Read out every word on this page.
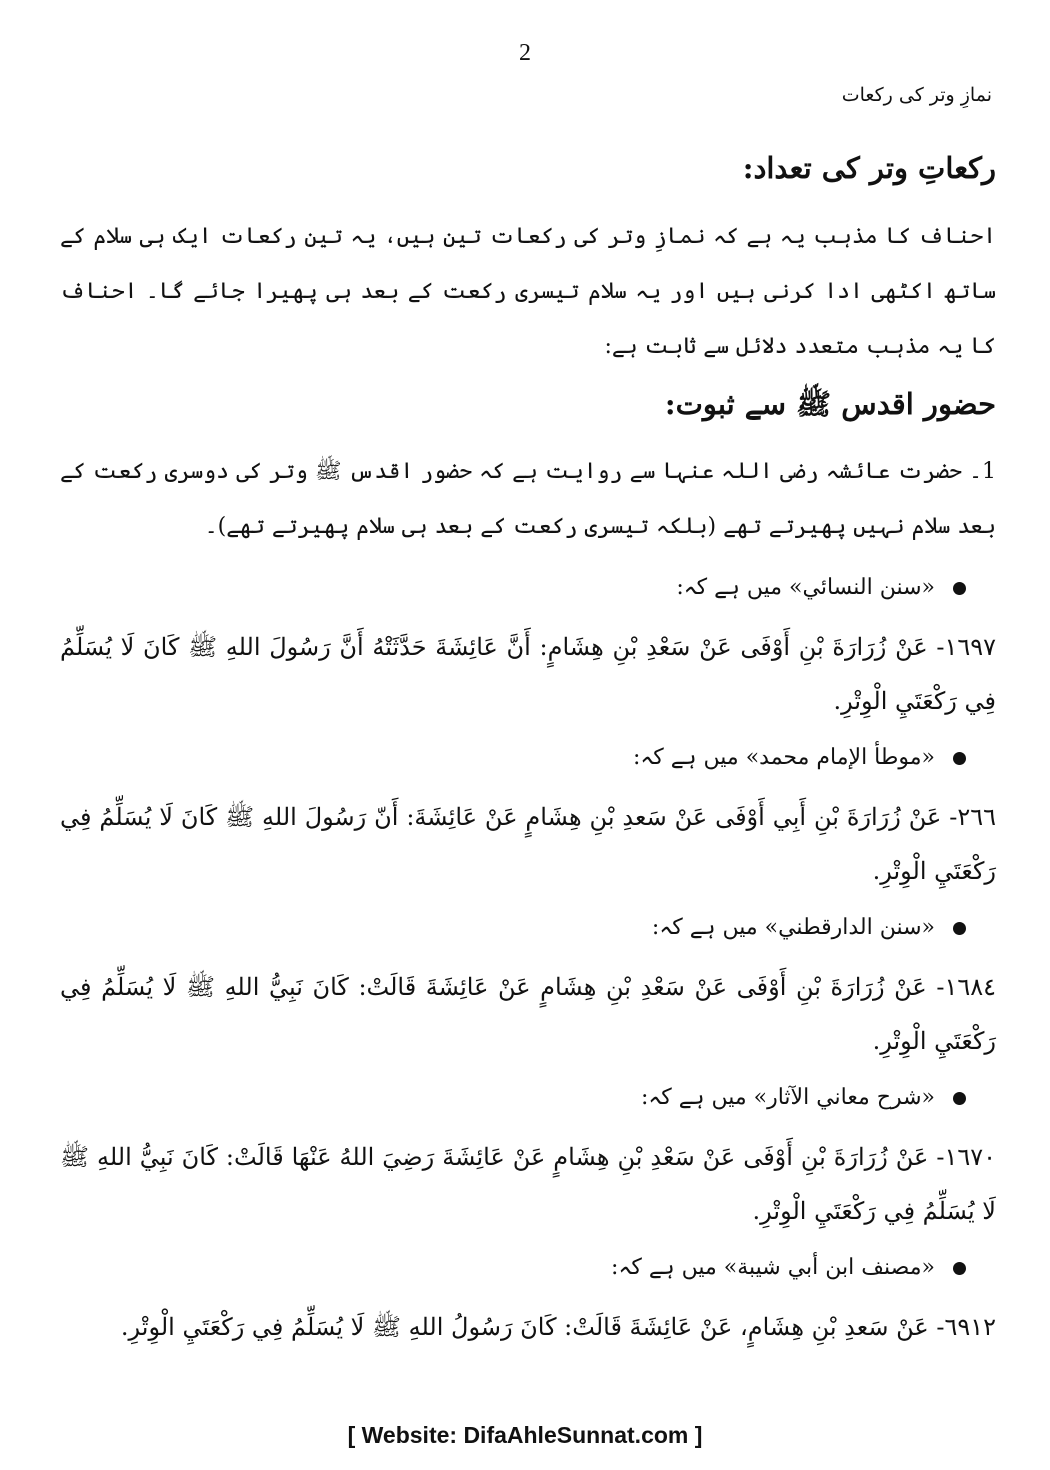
2
نمازِ وتر کی رکعات
رکعاتِ وتر کی تعداد:

احناف کا مذہب یہ ہے کہ نمازِ وتر کی رکعات تین ہیں، یہ تین رکعات ایک ہی سلام کے ساتھ اکٹھی ادا کرنی ہیں اور یہ سلام تیسری رکعت کے بعد ہی پھیرا جائے گا۔ احناف کا یہ مذہب متعدد دلائل سے ثابت ہے:

حضور اقدس ﷺ سے ثبوت:

1۔ حضرت عائشہ رضی اللہ عنہا سے روایت ہے کہ حضور اقدس ﷺ وتر کی دوسری رکعت کے بعد سلام نہیں پھیرتے تھے (بلکہ تیسری رکعت کے بعد ہی سلام پھیرتے تھے)۔

«سنن النسائي» میں ہے کہ:

١٦٩٧- عَنْ زُرَارَةَ بْنِ أَوْفَى عَنْ سَعْدِ بْنِ هِشَامٍ: أَنَّ عَائِشَةَ حَدَّثَتْهُ أَنَّ رَسُولَ اللهِ ﷺ كَانَ لَا يُسَلِّمُ فِي رَكْعَتَيِ الْوِتْرِ.

«موطأ الإمام محمد» میں ہے کہ:

٢٦٦- عَنْ زُرَارَةَ بْنِ أَبِي أَوْفَى عَنْ سَعدِ بْنِ هِشَامٍ عَنْ عَائِشَةَ: أَنّ رَسُولَ اللهِ ﷺ كَانَ لَا يُسَلِّمُ فِي رَكْعَتَيِ الْوِتْرِ.

«سنن الدارقطني» میں ہے کہ:

١٦٨٤- عَنْ زُرَارَةَ بْنِ أَوْفَى عَنْ سَعْدِ بْنِ هِشَامٍ عَنْ عَائِشَةَ قَالَتْ: كَانَ نَبِيُّ اللهِ ﷺ لَا يُسَلِّمُ فِي رَكْعَتَيِ الْوِتْرِ.

«شرح معاني الآثار» میں ہے کہ:

١٦٧٠- عَنْ زُرَارَةَ بْنِ أَوْفَى عَنْ سَعْدِ بْنِ هِشَامٍ عَنْ عَائِشَةَ رَضِيَ اللهُ عَنْهَا قَالَتْ: كَانَ نَبِيُّ اللهِ ﷺ لَا يُسَلِّمُ فِي رَكْعَتَيِ الْوِتْرِ.

«مصنف ابن أبي شيبة» میں ہے کہ:

٦٩١٢- عَنْ سَعدِ بْنِ هِشَامٍ، عَنْ عَائِشَةَ قَالَتْ: كَانَ رَسُولُ اللهِ ﷺ لَا يُسَلِّمُ فِي رَكْعَتَيِ الْوِتْرِ.

[ Website: DifaAhleSunnat.com ]
